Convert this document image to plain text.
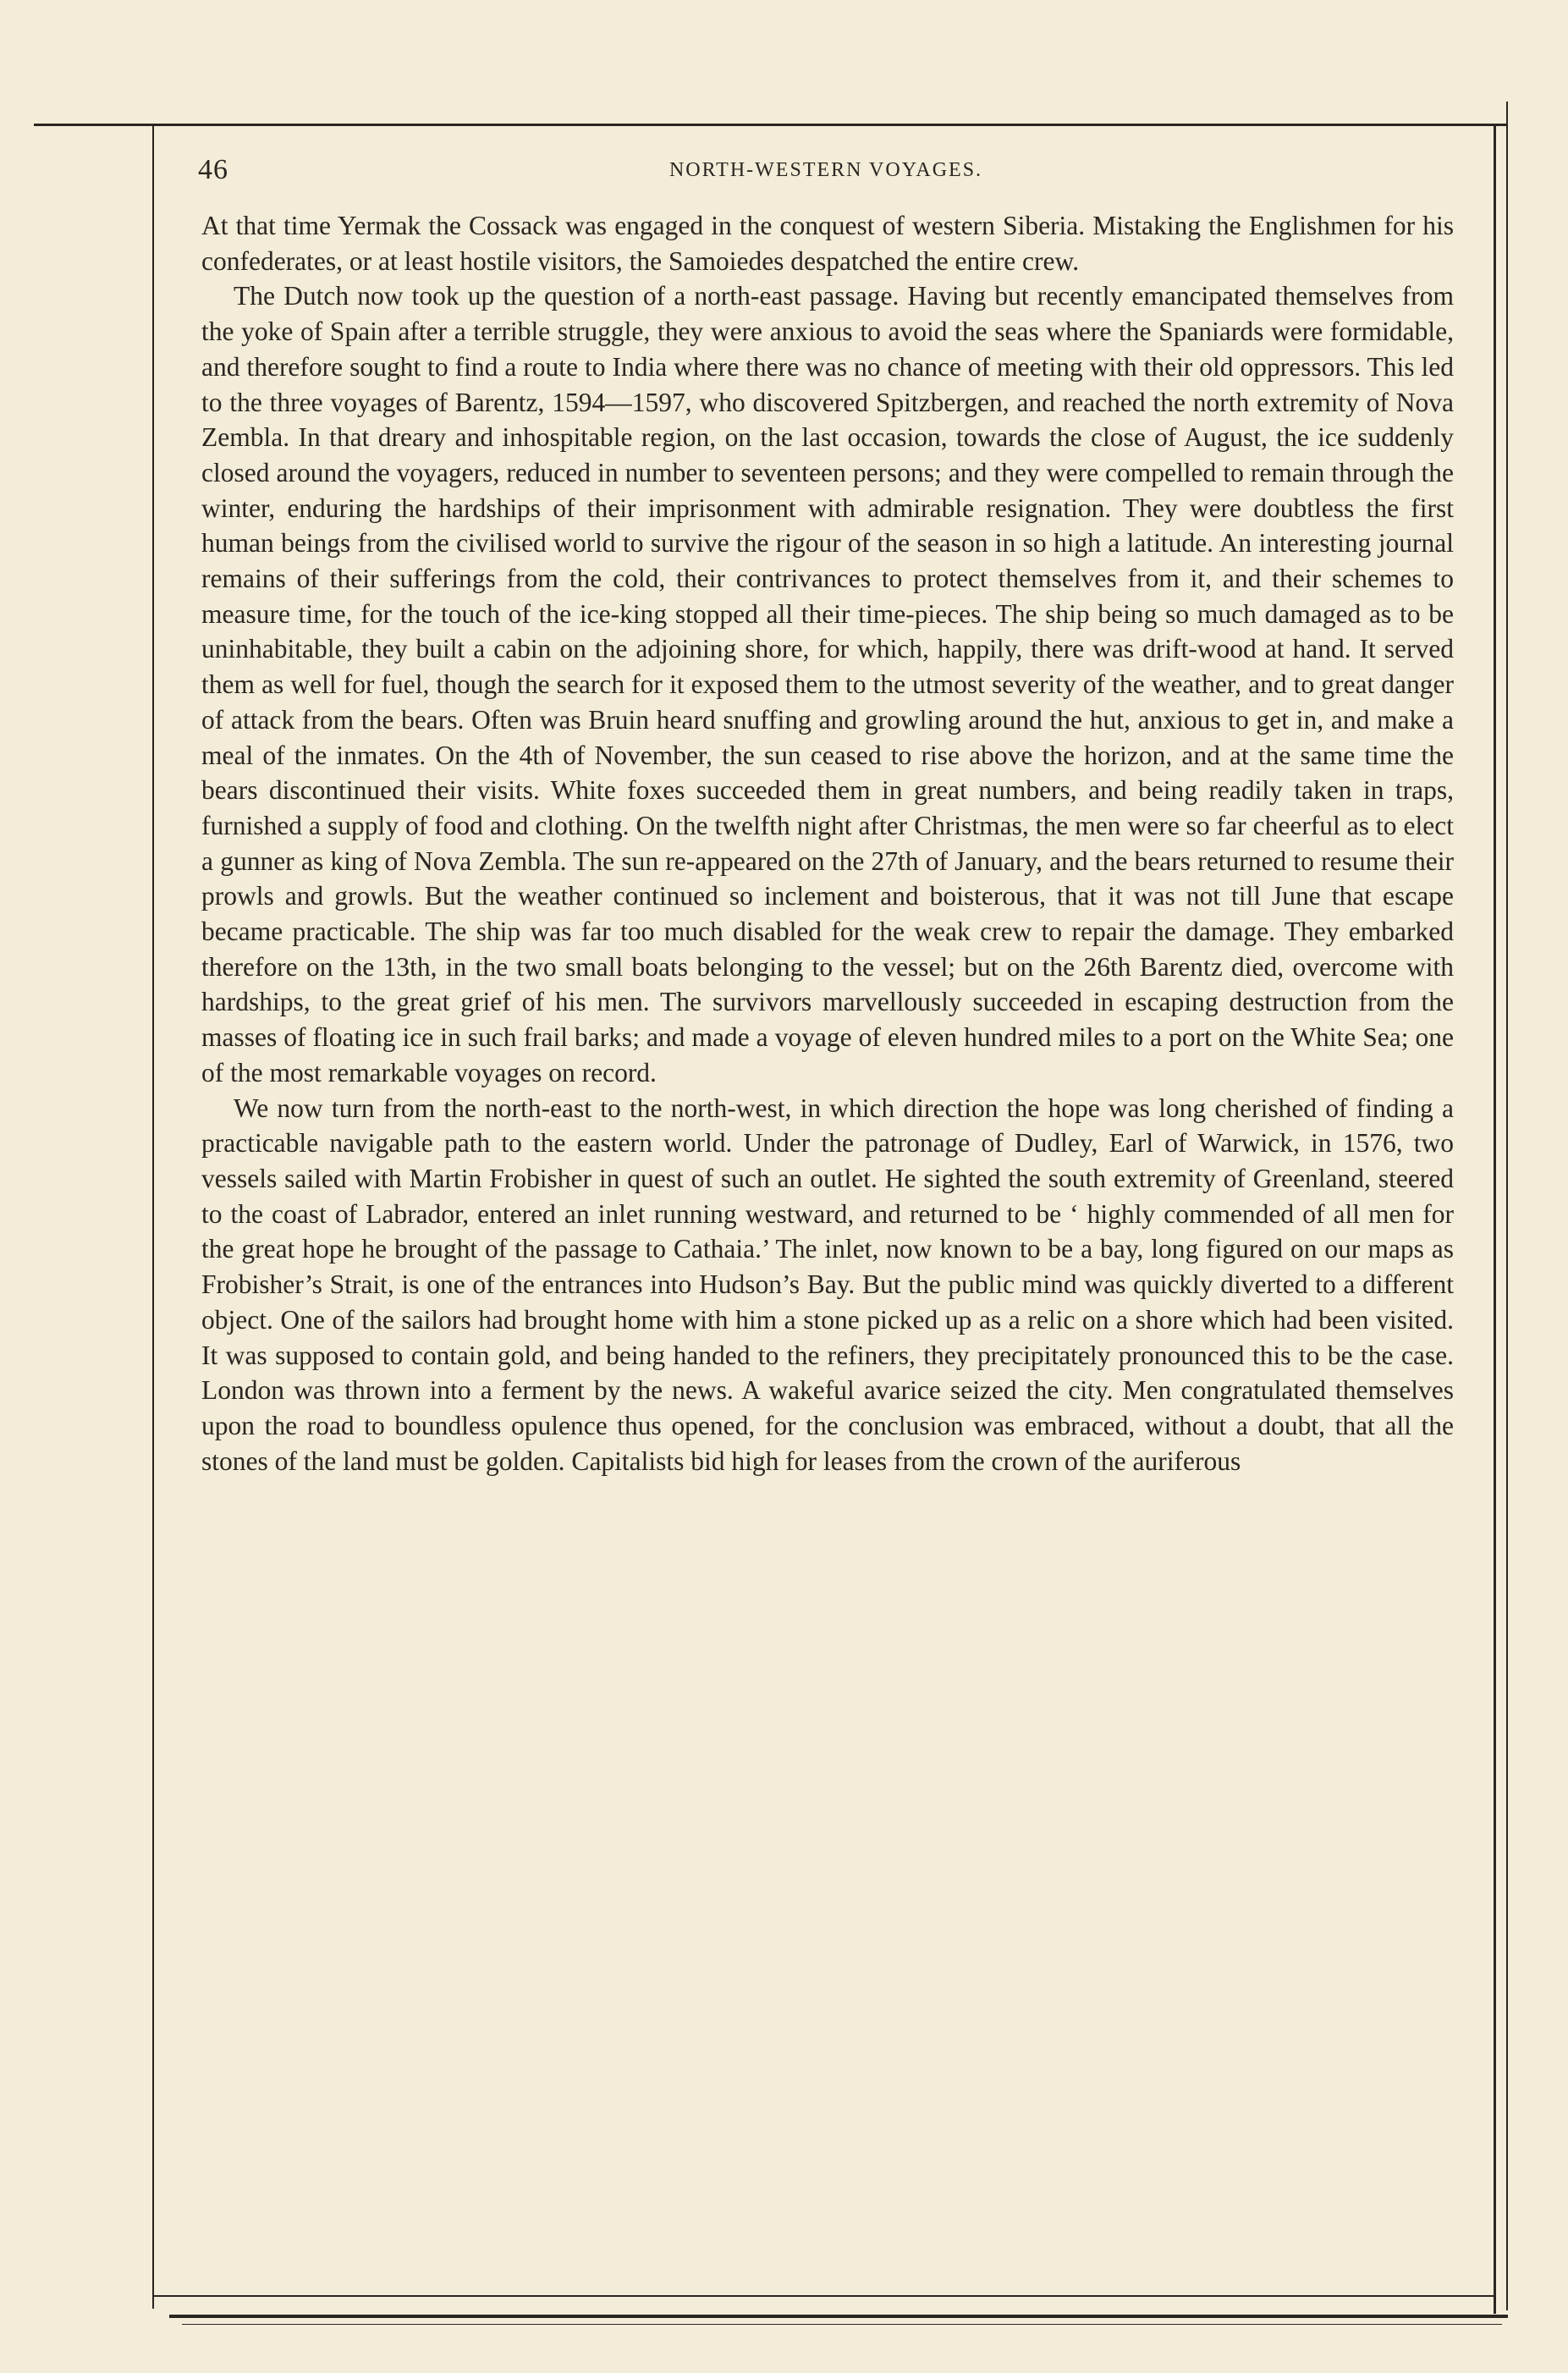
46	NORTH-WESTERN VOYAGES.

At that time Yermak the Cossack was engaged in the conquest of western Siberia. Mistaking the Englishmen for his confederates, or at least hostile visitors, the Samoiedes despatched the entire crew.

The Dutch now took up the question of a north-east passage. Having but recently emancipated themselves from the yoke of Spain after a terrible struggle, they were anxious to avoid the seas where the Spaniards were formidable, and therefore sought to find a route to India where there was no chance of meeting with their old oppressors. This led to the three voyages of Barentz, 1594—1597, who discovered Spitzbergen, and reached the north extremity of Nova Zembla. In that dreary and inhospitable region, on the last occasion, towards the close of August, the ice suddenly closed around the voyagers, reduced in number to seventeen persons; and they were compelled to remain through the winter, enduring the hardships of their imprisonment with admirable resignation. They were doubtless the first human beings from the civilised world to survive the rigour of the season in so high a latitude. An interesting journal remains of their sufferings from the cold, their contrivances to protect themselves from it, and their schemes to measure time, for the touch of the ice-king stopped all their time-pieces. The ship being so much damaged as to be uninhabitable, they built a cabin on the adjoining shore, for which, happily, there was drift-wood at hand. It served them as well for fuel, though the search for it exposed them to the utmost severity of the weather, and to great danger of attack from the bears. Often was Bruin heard snuffing and growling around the hut, anxious to get in, and make a meal of the inmates. On the 4th of November, the sun ceased to rise above the horizon, and at the same time the bears discontinued their visits. White foxes succeeded them in great numbers, and being readily taken in traps, furnished a supply of food and clothing. On the twelfth night after Christmas, the men were so far cheerful as to elect a gunner as king of Nova Zembla. The sun re-appeared on the 27th of January, and the bears returned to resume their prowls and growls. But the weather continued so inclement and boisterous, that it was not till June that escape became practicable. The ship was far too much disabled for the weak crew to repair the damage. They embarked therefore on the 13th, in the two small boats belonging to the vessel; but on the 26th Barentz died, overcome with hardships, to the great grief of his men. The survivors marvellously succeeded in escaping destruction from the masses of floating ice in such frail barks; and made a voyage of eleven hundred miles to a port on the White Sea; one of the most remarkable voyages on record.

We now turn from the north-east to the north-west, in which direction the hope was long cherished of finding a practicable navigable path to the eastern world. Under the patronage of Dudley, Earl of Warwick, in 1576, two vessels sailed with Martin Frobisher in quest of such an outlet. He sighted the south extremity of Greenland, steered to the coast of Labrador, entered an inlet running westward, and returned to be ‘ highly commended of all men for the great hope he brought of the passage to Cathaia.’ The inlet, now known to be a bay, long figured on our maps as Frobisher’s Strait, is one of the entrances into Hudson’s Bay. But the public mind was quickly diverted to a different object. One of the sailors had brought home with him a stone picked up as a relic on a shore which had been visited. It was supposed to contain gold, and being handed to the refiners, they precipitately pronounced this to be the case. London was thrown into a ferment by the news. A wakeful avarice seized the city. Men congratulated themselves upon the road to boundless opulence thus opened, for the conclusion was embraced, without a doubt, that all the stones of the land must be golden. Capitalists bid high for leases from the crown of the auriferous
